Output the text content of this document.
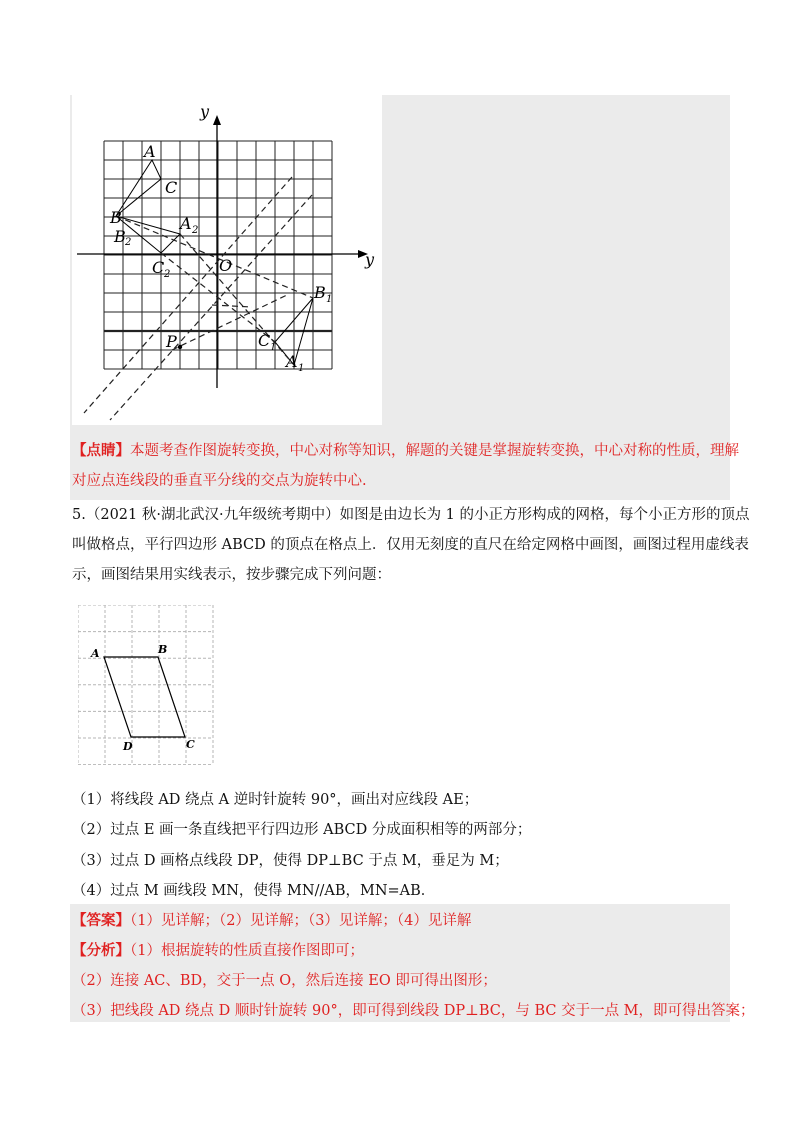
y
y
A
C
B
B 2
A 2
C 2	O
B 1
C 1
P
A 1
【点睛】本题考查作图旋转变换，中心对称等知识，解题的关键是掌握旋转变换，中心对称的性质，理解
对应点连线段的垂直平分线的交点为旋转中心.
5.（2021 秋·湖北武汉·九年级统考期中）如图是由边长为 1 的小正方形构成的网格，每个小正方形的顶点
叫做格点，平行四边形 ABCD 的顶点在格点上．仅用无刻度的直尺在给定网格中画图，画图过程用虚线表
示，画图结果用实线表示，按步骤完成下列问题：
A	B
C
D
（1）将线段 AD 绕点 A 逆时针旋转 90°，画出对应线段 AE；
（2）过点 E 画一条直线把平行四边形 ABCD 分成面积相等的两部分；
（3）过点 D 画格点线段 DP，使得 DP⊥BC 于点 M，垂足为 M；
（4）过点 M 画线段 MN，使得 MN//AB，MN=AB．
【答案】（1）见详解；（2）见详解；（3）见详解；（4）见详解
【分析】（1）根据旋转的性质直接作图即可；
（2）连接 AC、BD，交于一点 O，然后连接 EO 即可得出图形；
（3）把线段 AD 绕点 D 顺时针旋转 90°，即可得到线段 DP⊥BC，与 BC 交于一点 M，即可得出答案；
